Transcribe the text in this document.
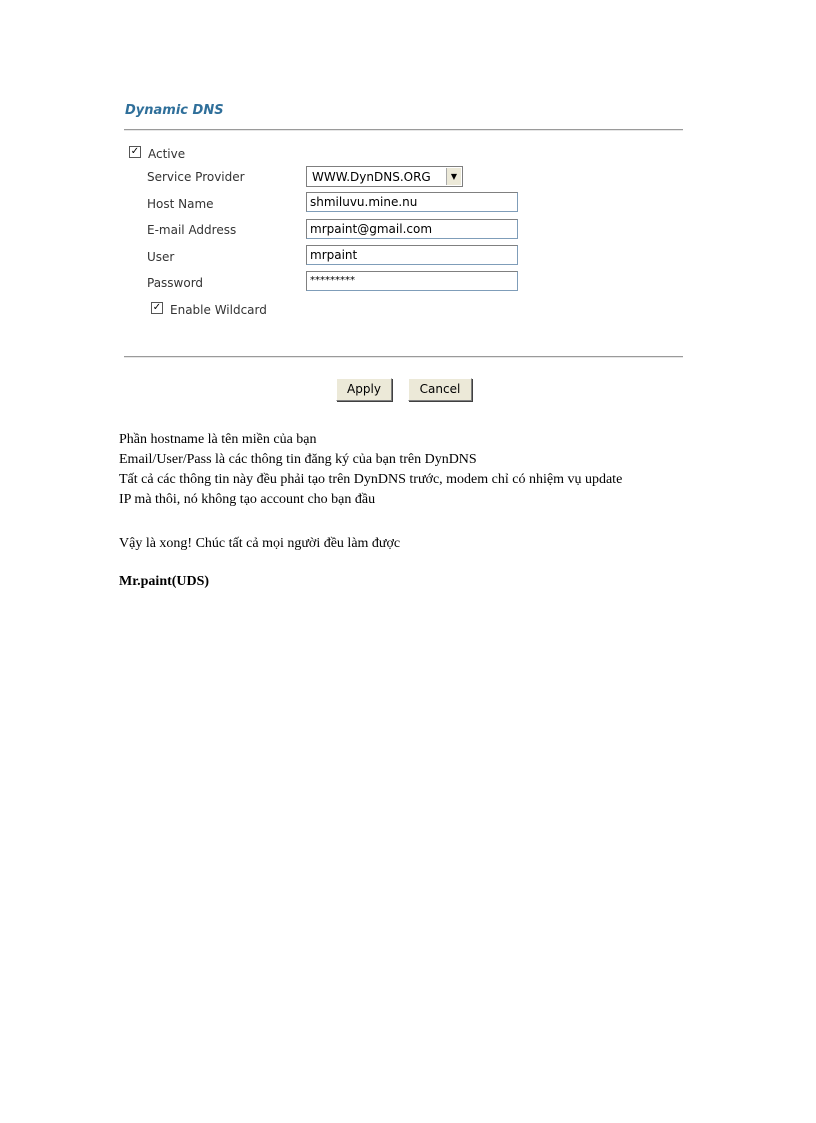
Dynamic DNS
✓ Active
Service Provider	WWW.DynDNS.ORG	▼
Host Name	shmiluvu.mine.nu
E-mail Address	mrpaint@gmail.com
User	mrpaint
Password	*********
✓ Enable Wildcard
Apply	Cancel
Phần hostname là tên miền của bạn
Email/User/Pass là các thông tin đăng ký của bạn trên DynDNS
Tất cả các thông tin này đều phải tạo trên DynDNS trước, modem chỉ có nhiệm vụ update
IP mà thôi, nó không tạo account cho bạn đầu
Vậy là xong! Chúc tất cả mọi người đều làm được
Mr.paint(UDS)
